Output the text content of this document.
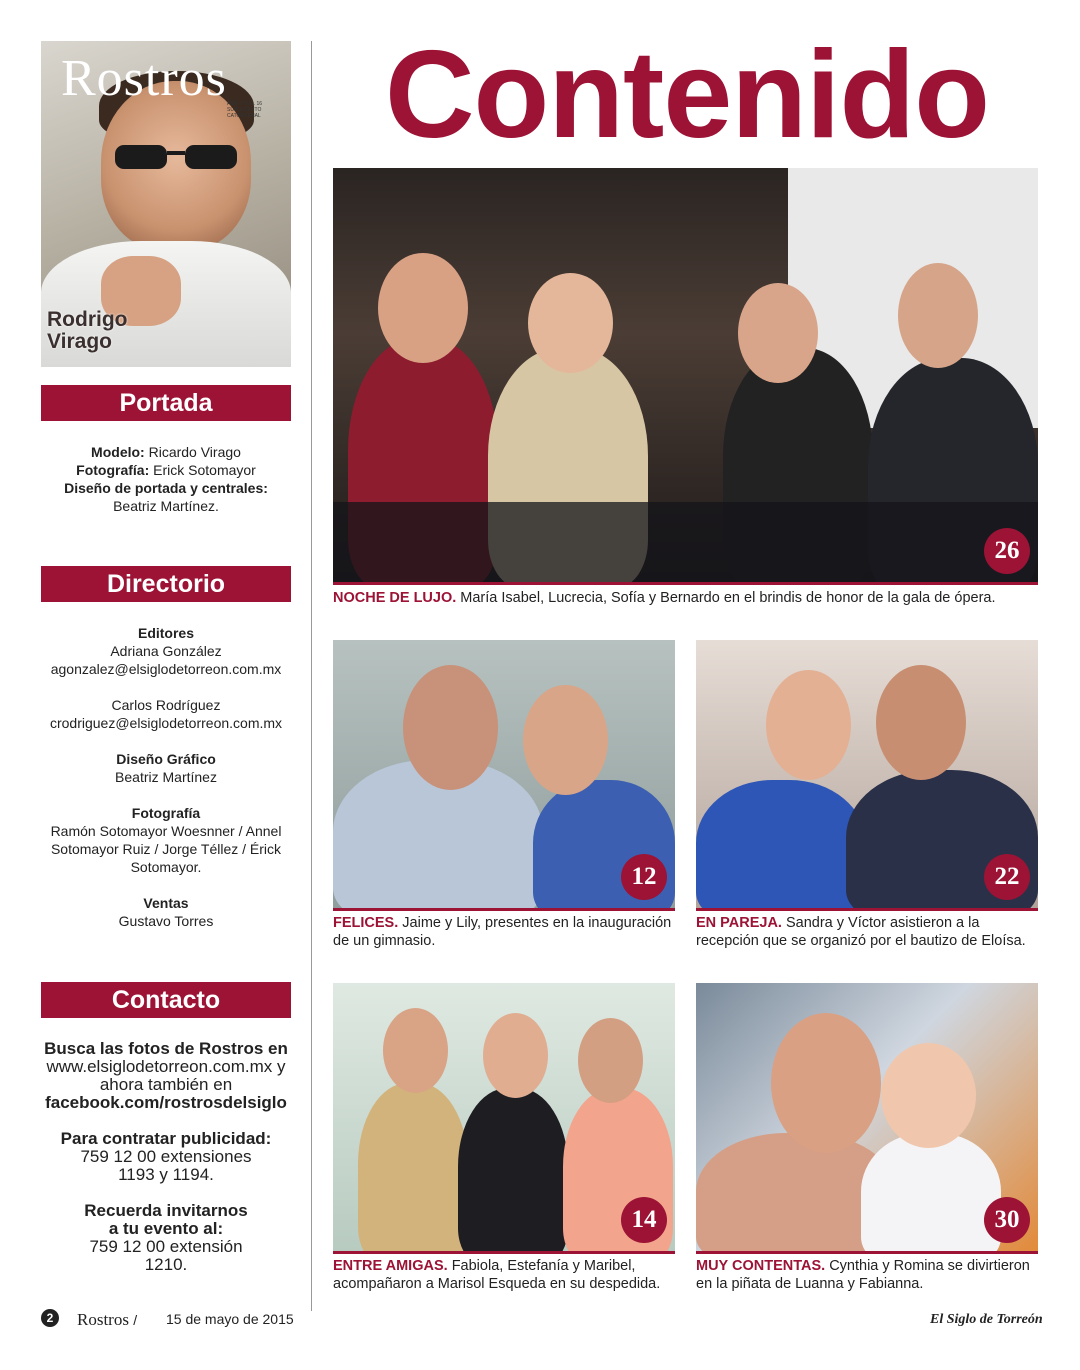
Rostros AÑO 17 NO. 16 SUPLEMENTO CATORCENAL
Rodrigo Virago
Portada
Modelo: Ricardo Virago
Fotografía: Erick Sotomayor
Diseño de portada y centrales:
Beatriz Martínez.
Directorio
Editores
Adriana González
agonzalez@elsiglodetorreon.com.mx
Carlos Rodríguez
crodriguez@elsiglodetorreon.com.mx
Diseño Gráfico
Beatriz Martínez
Fotografía
Ramón Sotomayor Woesnner / Annel
Sotomayor Ruiz / Jorge Téllez / Érick
Sotomayor.
Ventas
Gustavo Torres
Contacto
Busca las fotos de Rostros en
www.elsiglodetorreon.com.mx y
ahora también en
facebook.com/rostrosdelsiglo
Para contratar publicidad:
759 12 00 extensiones
1193 y 1194.
Recuerda invitarnos
a tu evento al:
759 12 00 extensión
1210.
Contenido
26
NOCHE DE LUJO. María Isabel, Lucrecia, Sofía y Bernardo en el brindis de honor de la gala de ópera.
12
FELICES. Jaime y Lily, presentes en la inauguración de un gimnasio.
22
EN PAREJA. Sandra y Víctor asistieron a la recepción que se organizó por el bautizo de Eloísa.
14
ENTRE AMIGAS. Fabiola, Estefanía y Maribel, acompañaron a Marisol Esqueda en su despedida.
30
MUY CONTENTAS. Cynthia y Romina se divirtieron en la piñata de Luanna y Fabianna.
2	Rostros / 15 de mayo de 2015	El Siglo de Torreón
